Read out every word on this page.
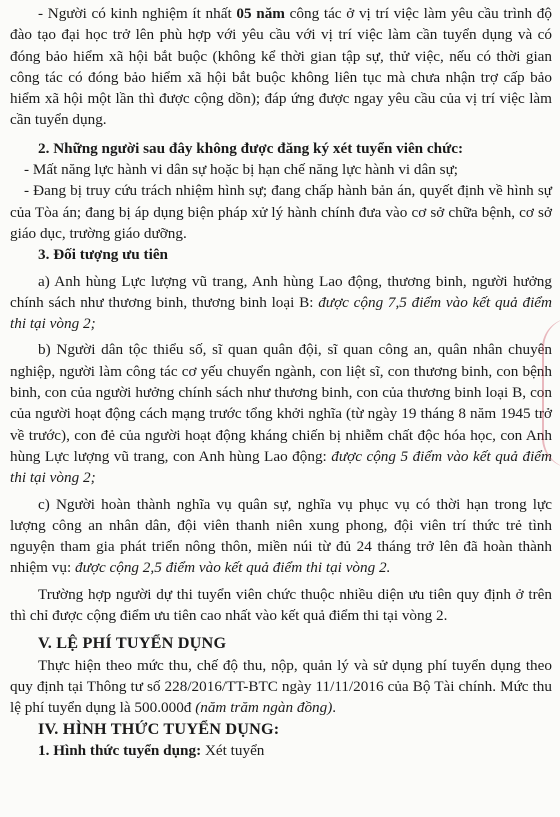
- Người có kinh nghiệm ít nhất 05 năm công tác ở vị trí việc làm yêu cầu trình độ đào tạo đại học trở lên phù hợp với yêu cầu với vị trí việc làm cần tuyển dụng và có đóng bảo hiểm xã hội bắt buộc (không kể thời gian tập sự, thử việc, nếu có thời gian công tác có đóng bảo hiểm xã hội bắt buộc không liên tục mà chưa nhận trợ cấp bảo hiểm xã hội một lần thì được cộng dồn); đáp ứng được ngay yêu cầu của vị trí việc làm cần tuyển dụng.

2. Những người sau đây không được đăng ký xét tuyển viên chức:

- Mất năng lực hành vi dân sự hoặc bị hạn chế năng lực hành vi dân sự;

- Đang bị truy cứu trách nhiệm hình sự; đang chấp hành bản án, quyết định về hình sự của Tòa án; đang bị áp dụng biện pháp xử lý hành chính đưa vào cơ sở chữa bệnh, cơ sở giáo dục, trường giáo dưỡng.

3. Đối tượng ưu tiên

a) Anh hùng Lực lượng vũ trang, Anh hùng Lao động, thương binh, người hưởng chính sách như thương binh, thương binh loại B: được cộng 7,5 điểm vào kết quả điểm thi tại vòng 2;

b) Người dân tộc thiểu số, sĩ quan quân đội, sĩ quan công an, quân nhân chuyên nghiệp, người làm công tác cơ yếu chuyển ngành, con liệt sĩ, con thương binh, con bệnh binh, con của người hưởng chính sách như thương binh, con của thương binh loại B, con của người hoạt động cách mạng trước tổng khởi nghĩa (từ ngày 19 tháng 8 năm 1945 trở về trước), con đẻ của người hoạt động kháng chiến bị nhiễm chất độc hóa học, con Anh hùng Lực lượng vũ trang, con Anh hùng Lao động: được cộng 5 điểm vào kết quả điểm thi tại vòng 2;

c) Người hoàn thành nghĩa vụ quân sự, nghĩa vụ phục vụ có thời hạn trong lực lượng công an nhân dân, đội viên thanh niên xung phong, đội viên trí thức trẻ tình nguyện tham gia phát triển nông thôn, miền núi từ đủ 24 tháng trở lên đã hoàn thành nhiệm vụ: được cộng 2,5 điểm vào kết quả điểm thi tại vòng 2.

Trường hợp người dự thi tuyển viên chức thuộc nhiều diện ưu tiên quy định ở trên thì chỉ được cộng điểm ưu tiên cao nhất vào kết quả điểm thi tại vòng 2.

V. LỆ PHÍ TUYỂN DỤNG

Thực hiện theo mức thu, chế độ thu, nộp, quản lý và sử dụng phí tuyển dụng theo quy định tại Thông tư số 228/2016/TT-BTC ngày 11/11/2016 của Bộ Tài chính. Mức thu lệ phí tuyển dụng là 500.000đ (năm trăm ngàn đồng).

IV. HÌNH THỨC TUYỂN DỤNG:

1. Hình thức tuyển dụng: Xét tuyển
